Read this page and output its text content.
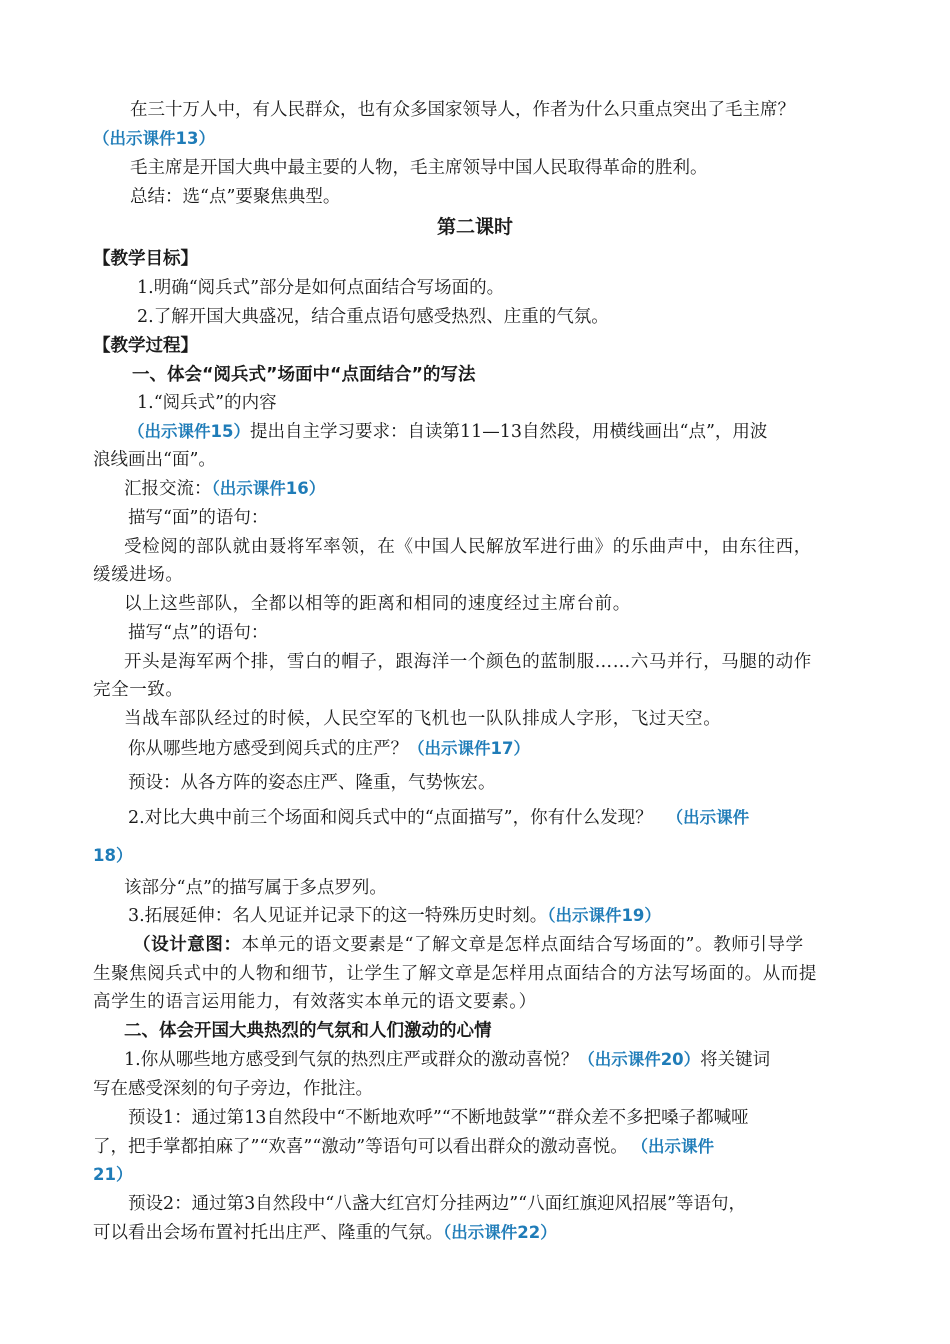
在三十万人中，有人民群众，也有众多国家领导人，作者为什么只重点突出了毛主席？
（出示课件13）
毛主席是开国大典中最主要的人物，毛主席领导中国人民取得革命的胜利。
总结：选“点”要聚焦典型。
第二课时
【教学目标】
1.明确“阅兵式”部分是如何点面结合写场面的。
2.了解开国大典盛况，结合重点语句感受热烈、庄重的气氛。
【教学过程】
一、体会“阅兵式”场面中“点面结合”的写法
1.“阅兵式”的内容
（出示课件15）提出自主学习要求：自读第11—13自然段，用横线画出“点”，用波
浪线画出“面”。
汇报交流：（出示课件16）
描写“面”的语句：
受检阅的部队就由聂将军率领，在《中国人民解放军进行曲》的乐曲声中，由东往西，
缓缓进场。
以上这些部队，全都以相等的距离和相同的速度经过主席台前。
描写“点”的语句：
开头是海军两个排，雪白的帽子，跟海洋一个颜色的蓝制服……六马并行，马腿的动作
完全一致。
当战车部队经过的时候，人民空军的飞机也一队队排成人字形，飞过天空。
你从哪些地方感受到阅兵式的庄严？（出示课件17）
预设：从各方阵的姿态庄严、隆重，气势恢宏。
2.对比大典中前三个场面和阅兵式中的“点面描写”，你有什么发现？ （出示课件
18）
该部分“点”的描写属于多点罗列。
3.拓展延伸：名人见证并记录下的这一特殊历史时刻。（出示课件19）
（设计意图：本单元的语文要素是“了解文章是怎样点面结合写场面的”。教师引导学
生聚焦阅兵式中的人物和细节，让学生了解文章是怎样用点面结合的方法写场面的。从而提
高学生的语言运用能力，有效落实本单元的语文要素。）
二、体会开国大典热烈的气氛和人们激动的心情
1.你从哪些地方感受到气氛的热烈庄严或群众的激动喜悦？（出示课件20）将关键词
写在感受深刻的句子旁边，作批注。
预设1：通过第13自然段中“不断地欢呼”“不断地鼓掌”“群众差不多把嗓子都喊哑
了，把手掌都拍麻了”“欢喜”“激动”等语句可以看出群众的激动喜悦。 （出示课件
21）
预设2：通过第3自然段中“八盏大红宫灯分挂两边”“八面红旗迎风招展”等语句，
可以看出会场布置衬托出庄严、隆重的气氛。（出示课件22）
